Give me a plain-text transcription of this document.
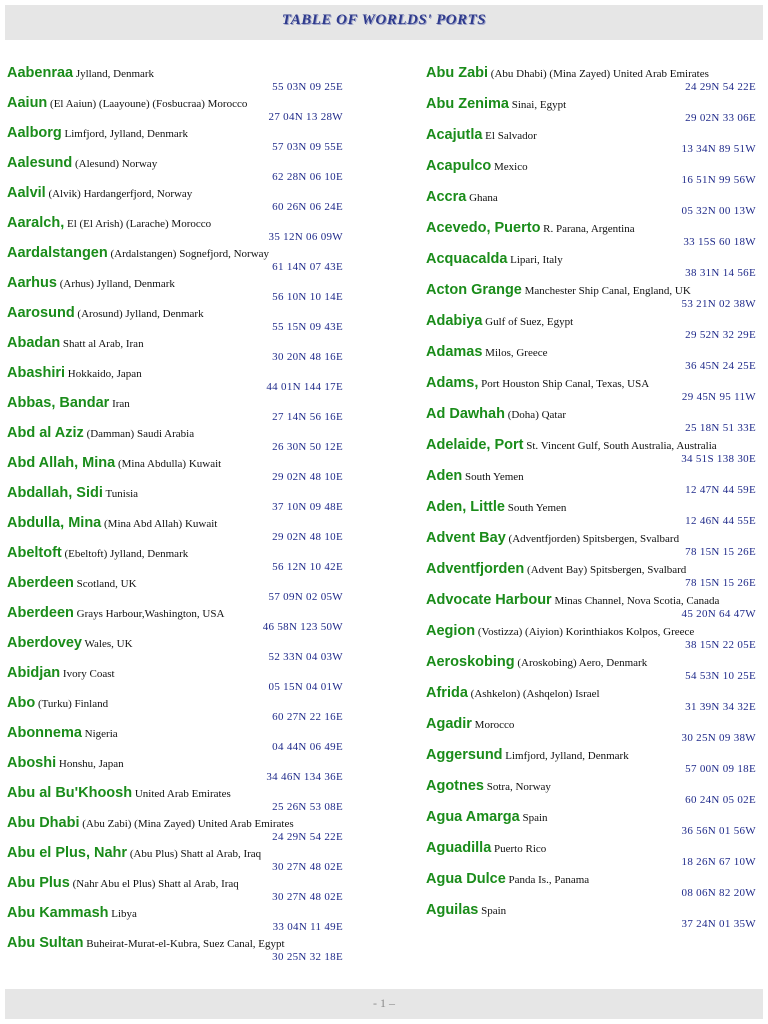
TABLE OF WORLDS' PORTS
Aabenraa Jylland, Denmark
55 03N 09 25E
Aaiun (El Aaiun) (Laayoune) (Fosbucraa) Morocco
27 04N 13 28W
Aalborg Limfjord, Jylland, Denmark
57 03N 09 55E
Aalesund (Alesund) Norway
62 28N 06 10E
Aalvil (Alvik) Hardangerfjord, Norway
60 26N 06 24E
Aaralch, El (El Arish) (Larache) Morocco
35 12N 06 09W
Aardalstangen (Ardalstangen) Sognefjord, Norway
61 14N 07 43E
Aarhus (Arhus) Jylland, Denmark
56 10N 10 14E
Aarosund (Arosund) Jylland, Denmark
55 15N 09 43E
Abadan Shatt al Arab, Iran
30 20N 48 16E
Abashiri Hokkaido, Japan
44 01N 144 17E
Abbas, Bandar Iran
27 14N 56 16E
Abd al Aziz (Damman) Saudi Arabia
26 30N 50 12E
Abd Allah, Mina (Mina Abdulla) Kuwait
29 02N 48 10E
Abdallah, Sidi Tunisia
37 10N 09 48E
Abdulla, Mina (Mina Abd Allah) Kuwait
29 02N 48 10E
Abeltoft (Ebeltoft) Jylland, Denmark
56 12N 10 42E
Aberdeen Scotland, UK
57 09N 02 05W
Aberdeen Grays Harbour,Washington, USA
46 58N 123 50W
Aberdovey Wales, UK
52 33N 04 03W
Abidjan Ivory Coast
05 15N 04 01W
Abo (Turku) Finland
60 27N 22 16E
Abonnema Nigeria
04 44N 06 49E
Aboshi Honshu, Japan
34 46N 134 36E
Abu al Bu'Khoosh United Arab Emirates
25 26N 53 08E
Abu Dhabi (Abu Zabi) (Mina Zayed) United Arab Emirates
24 29N 54 22E
Abu el Plus, Nahr (Abu Plus) Shatt al Arab, Iraq
30 27N 48 02E
Abu Plus (Nahr Abu el Plus) Shatt al Arab, Iraq
30 27N 48 02E
Abu Kammash Libya
33 04N 11 49E
Abu Sultan Buheirat-Murat-el-Kubra, Suez Canal, Egypt
30 25N 32 18E
Abu Zabi (Abu Dhabi) (Mina Zayed) United Arab Emirates
24 29N 54 22E
Abu Zenima Sinai, Egypt
29 02N 33 06E
Acajutla El Salvador
13 34N 89 51W
Acapulco Mexico
16 51N 99 56W
Accra Ghana
05 32N 00 13W
Acevedo, Puerto R. Parana, Argentina
33 15S 60 18W
Acquacalda Lipari, Italy
38 31N 14 56E
Acton Grange Manchester Ship Canal, England, UK
53 21N 02 38W
Adabiya Gulf of Suez, Egypt
29 52N 32 29E
Adamas Milos, Greece
36 45N 24 25E
Adams, Port Houston Ship Canal, Texas, USA
29 45N 95 11W
Ad Dawhah (Doha) Qatar
25 18N 51 33E
Adelaide, Port St. Vincent Gulf, South Australia, Australia
34 51S 138 30E
Aden South Yemen
12 47N 44 59E
Aden, Little South Yemen
12 46N 44 55E
Advent Bay (Adventfjorden) Spitsbergen, Svalbard
78 15N 15 26E
Adventfjorden (Advent Bay) Spitsbergen, Svalbard
78 15N 15 26E
Advocate Harbour Minas Channel, Nova Scotia, Canada
45 20N 64 47W
Aegion (Vostizza) (Aiyion) Korinthiakos Kolpos, Greece
38 15N 22 05E
Aeroskobing (Aroskobing) Aero, Denmark
54 53N 10 25E
Afrida (Ashkelon) (Ashqelon) Israel
31 39N 34 32E
Agadir Morocco
30 25N 09 38W
Aggersund Limfjord, Jylland, Denmark
57 00N 09 18E
Agotnes Sotra, Norway
60 24N 05 02E
Agua Amarga Spain
36 56N 01 56W
Aguadilla Puerto Rico
18 26N 67 10W
Agua Dulce Panda Is., Panama
08 06N 82 20W
Aguilas Spain
37 24N 01 35W
- 1 –
